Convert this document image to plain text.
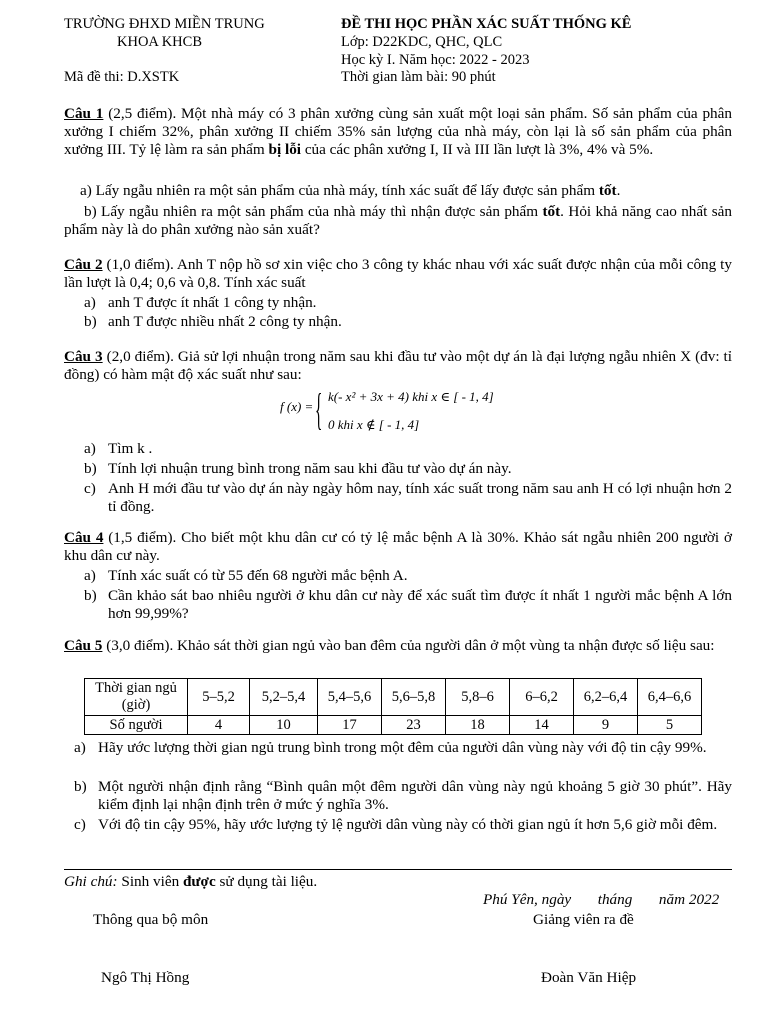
TRƯỜNG ĐHXD MIỀN TRUNG
KHOA KHCB
Mã đề thi: D.XSTK
ĐỀ THI HỌC PHẦN XÁC SUẤT THỐNG KÊ
Lớp: D22KDC, QHC, QLC
Học kỳ I. Năm học: 2022 - 2023
Thời gian làm bài: 90 phút
Câu 1 (2,5 điểm). Một nhà máy có 3 phân xưởng cùng sản xuất một loại sản phẩm. Số sản phẩm của phân xưởng I chiếm 32%, phân xưởng II chiếm 35% sản lượng của nhà máy, còn lại là số sản phẩm của phân xưởng III. Tỷ lệ làm ra sản phẩm bị lỗi của các phân xưởng I, II và III lần lượt là 3%, 4% và 5%.
a) Lấy ngẫu nhiên ra một sản phẩm của nhà máy, tính xác suất để lấy được sản phẩm tốt.
b) Lấy ngẫu nhiên ra một sản phẩm của nhà máy thì nhận được sản phẩm tốt. Hỏi khả năng cao nhất sản phẩm này là do phân xưởng nào sản xuất?
Câu 2 (1,0 điểm). Anh T nộp hồ sơ xin việc cho 3 công ty khác nhau với xác suất được nhận của mỗi công ty lần lượt là 0,4; 0,6 và 0,8. Tính xác suất
a) anh T được ít nhất 1 công ty nhận.
b) anh T được nhiều nhất 2 công ty nhận.
Câu 3 (2,0 điểm). Giả sử lợi nhuận trong năm sau khi đầu tư vào một dự án là đại lượng ngẫu nhiên X (đv: tỉ đồng) có hàm mật độ xác suất như sau:
f (x) = { k(- x² + 3x + 4) khi x ∈ [ - 1, 4]
0 khi x ∉ [ - 1, 4]
a) Tìm k .
b) Tính lợi nhuận trung bình trong năm sau khi đầu tư vào dự án này.
c) Anh H mới đầu tư vào dự án này ngày hôm nay, tính xác suất trong năm sau anh H có lợi nhuận hơn 2 tỉ đồng.
Câu 4 (1,5 điểm). Cho biết một khu dân cư có tỷ lệ mắc bệnh A là 30%. Khảo sát ngẫu nhiên 200 người ở khu dân cư này.
a) Tính xác suất có từ 55 đến 68 người mắc bệnh A.
b) Cần khảo sát bao nhiêu người ở khu dân cư này để xác suất tìm được ít nhất 1 người mắc bệnh A lớn hơn 99,99%?
Câu 5 (3,0 điểm). Khảo sát thời gian ngủ vào ban đêm của người dân ở một vùng ta nhận được số liệu sau:
Thời gian ngủ (giờ)	5–5,2	5,2–5,4	5,4–5,6	5,6–5,8	5,8–6	6–6,2	6,2–6,4	6,4–6,6
Số người	4	10	17	23	18	14	9	5
a) Hãy ước lượng thời gian ngủ trung bình trong một đêm của người dân vùng này với độ tin cậy 99%.
b) Một người nhận định rằng “Bình quân một đêm người dân vùng này ngủ khoảng 5 giờ 30 phút”. Hãy kiểm định lại nhận định trên ở mức ý nghĩa 3%.
c) Với độ tin cậy 95%, hãy ước lượng tỷ lệ người dân vùng này có thời gian ngủ ít hơn 5,6 giờ mỗi đêm.
Ghi chú: Sinh viên được sử dụng tài liệu.
Phú Yên, ngày       tháng       năm 2022
Thông qua bộ môn	Giảng viên ra đề
Ngô Thị Hồng	Đoàn Văn Hiệp
